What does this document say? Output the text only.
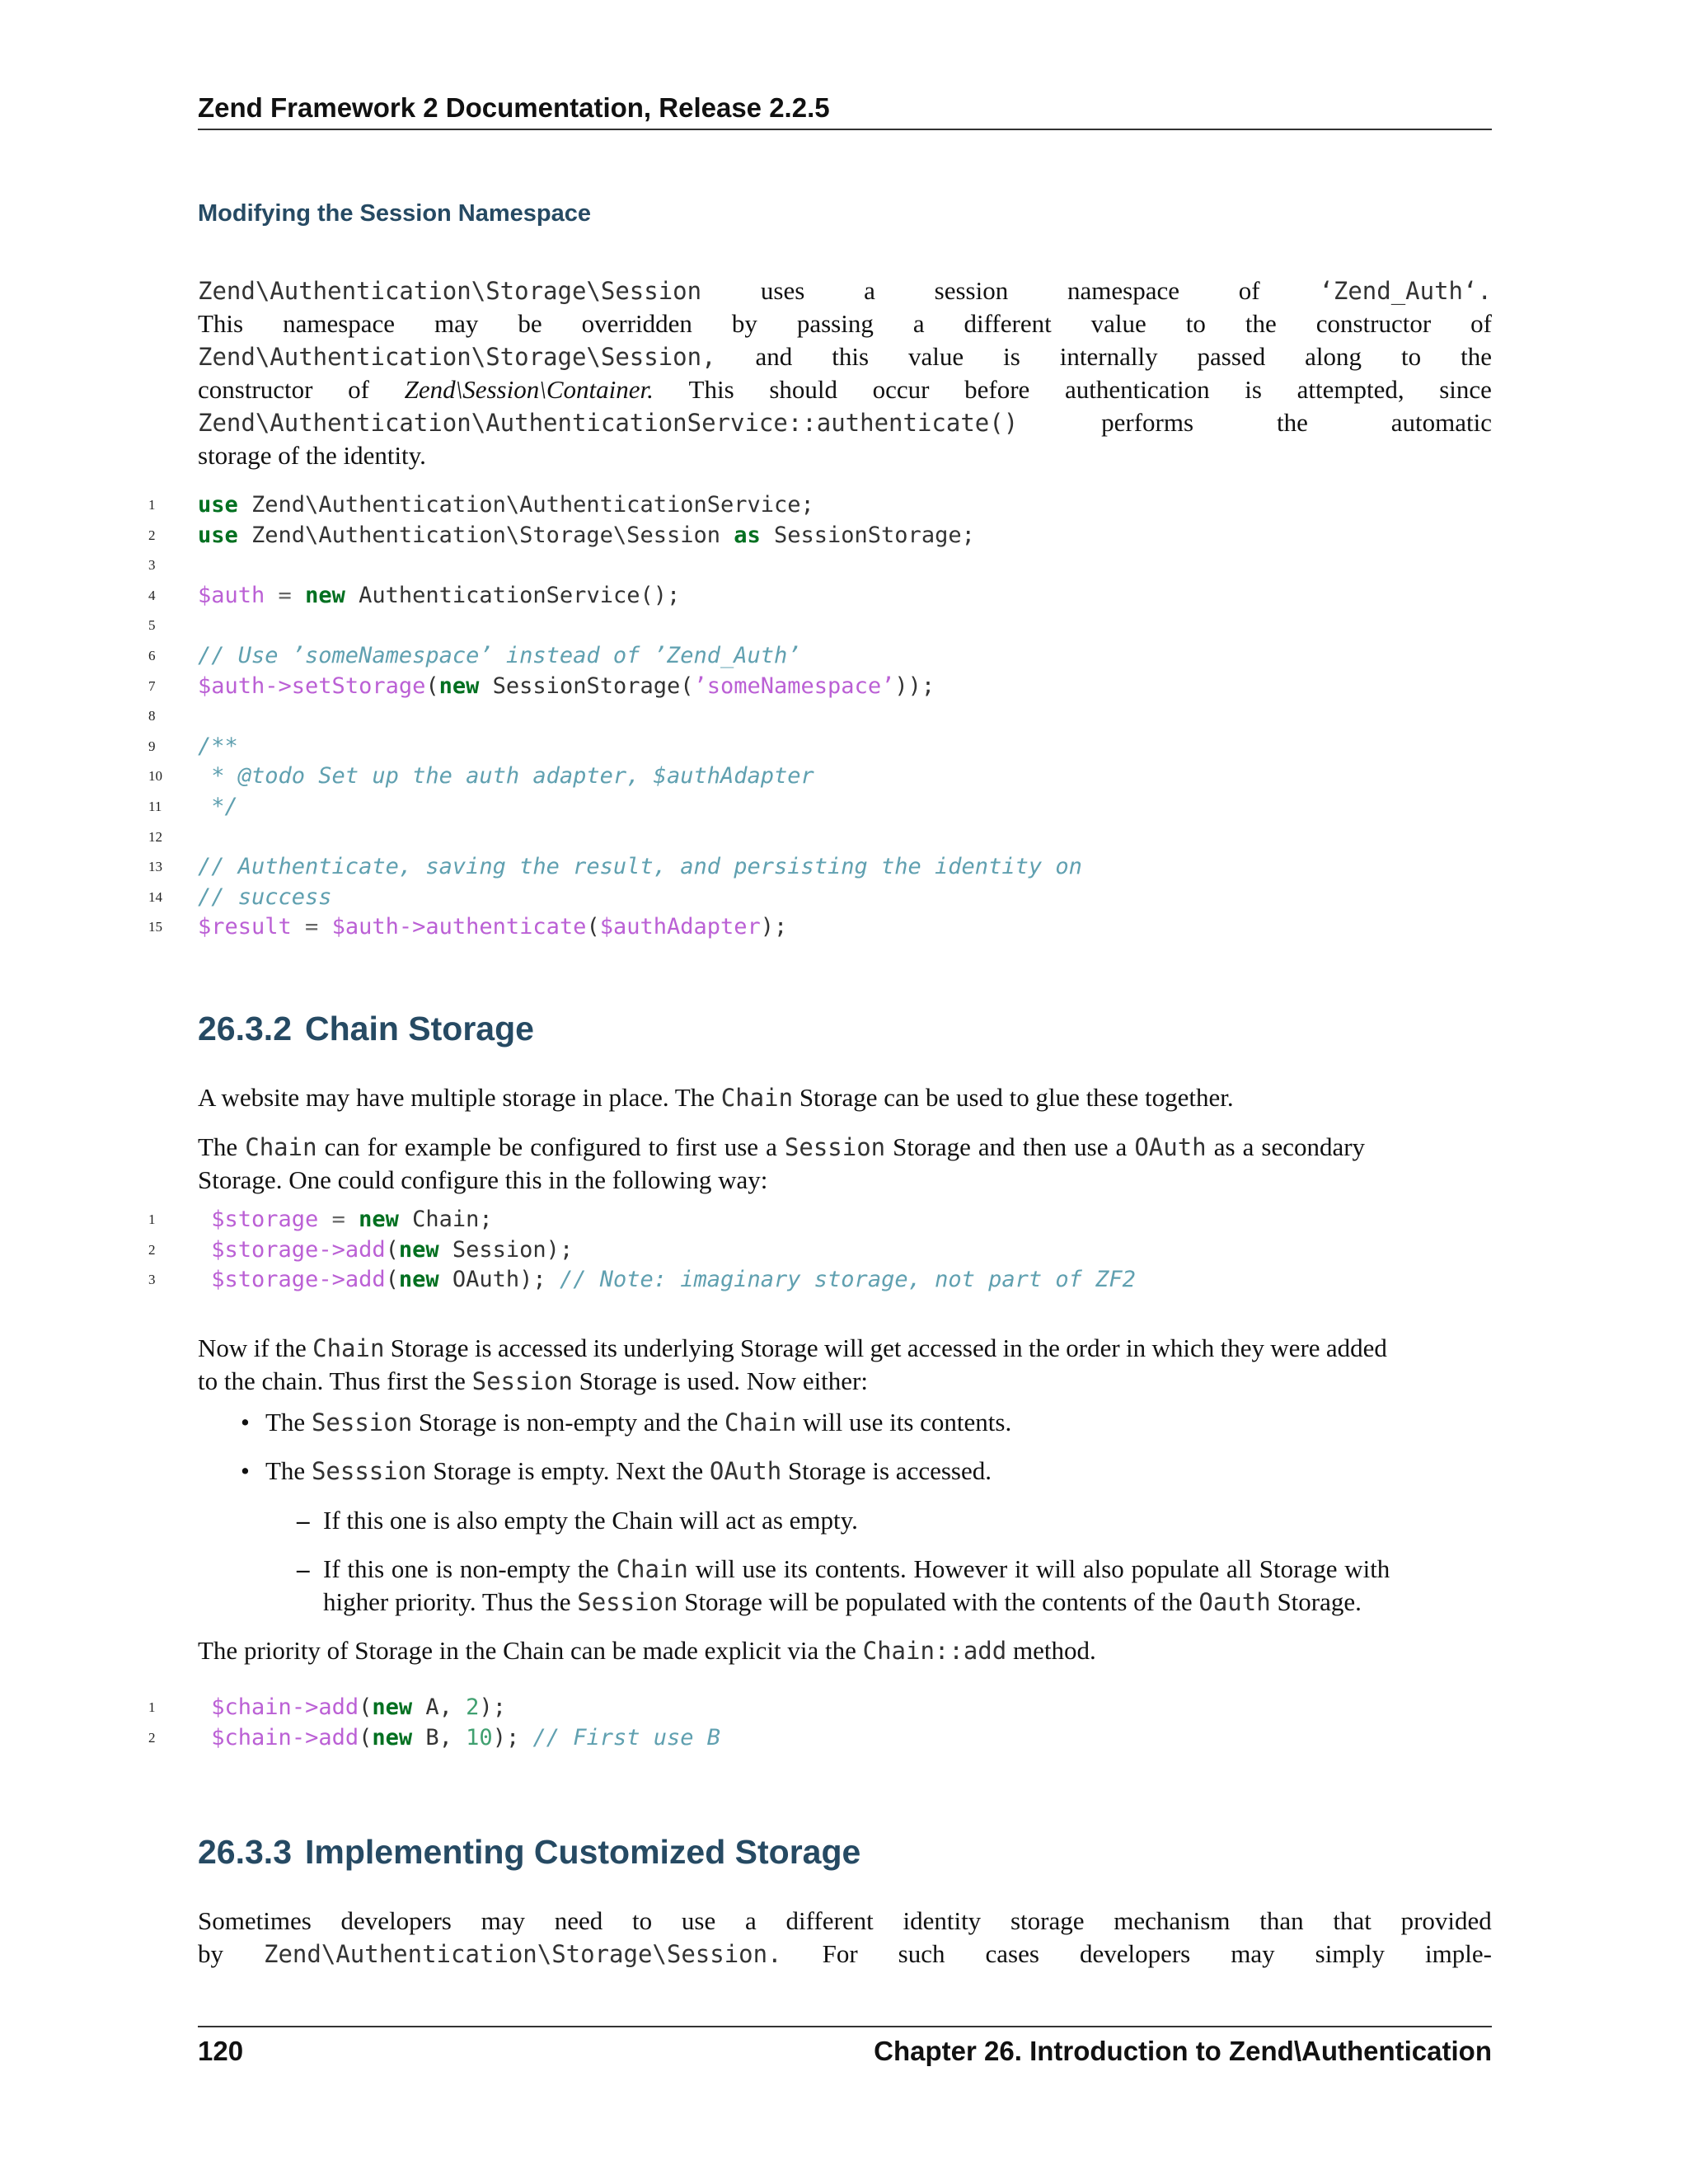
Zend Framework 2 Documentation, Release 2.2.5
Modifying the Session Namespace
Zend\Authentication\Storage\Session uses a session namespace of ‘Zend_Auth‘.
This namespace may be overridden by passing a different value to the constructor of
Zend\Authentication\Storage\Session, and this value is internally passed along to the
constructor of Zend\Session\Container. This should occur before authentication is attempted, since
Zend\Authentication\AuthenticationService::authenticate()	performs	the	automatic
storage of the identity.
1	use Zend\Authentication\AuthenticationService;
2	use Zend\Authentication\Storage\Session as SessionStorage;
3
4	$auth = new AuthenticationService();
5
6	// Use ’someNamespace’ instead of ’Zend_Auth’
7	$auth ->setStorage ( new SessionStorage( ’someNamespace’ ));
8
9	/**
10	* @todo Set up the auth adapter, $authAdapter
11	*/
12
13	// Authenticate, saving the result, and persisting the identity on
14	// success
15	$result = $auth ->authenticate ( $authAdapter );
26.3.2 Chain Storage
A website may have multiple storage in place. The Chain Storage can be used to glue these together.
The Chain can for example be configured to first use a Session Storage and then use a OAuth as a secondary
Storage. One could configure this in the following way:
1
	$storage = new Chain;
2
	$storage ->add ( new Session);
3
	$storage ->add ( new OAuth); // Note: imaginary storage, not part of ZF2
Now if the Chain Storage is accessed its underlying Storage will get accessed in the order in which they were added
to the chain. Thus first the Session Storage is used. Now either:
• The Session Storage is non-empty and the Chain will use its contents.
• The Sesssion Storage is empty. Next the OAuth Storage is accessed.
– If this one is also empty the Chain will act as empty.
– If this one is non-empty the Chain will use its contents. However it will also populate all Storage with
higher priority. Thus the Session Storage will be populated with the contents of the Oauth Storage.
The priority of Storage in the Chain can be made explicit via the Chain::add method.
1
	$chain ->add ( new A, 2 );
2
	$chain ->add ( new B, 10 ); // First use B
26.3.3 Implementing Customized Storage
Sometimes developers may need to use a different identity storage mechanism than that provided
by Zend\Authentication\Storage\Session. For such cases developers may simply imple-
120	Chapter 26. Introduction to Zend\Authentication
